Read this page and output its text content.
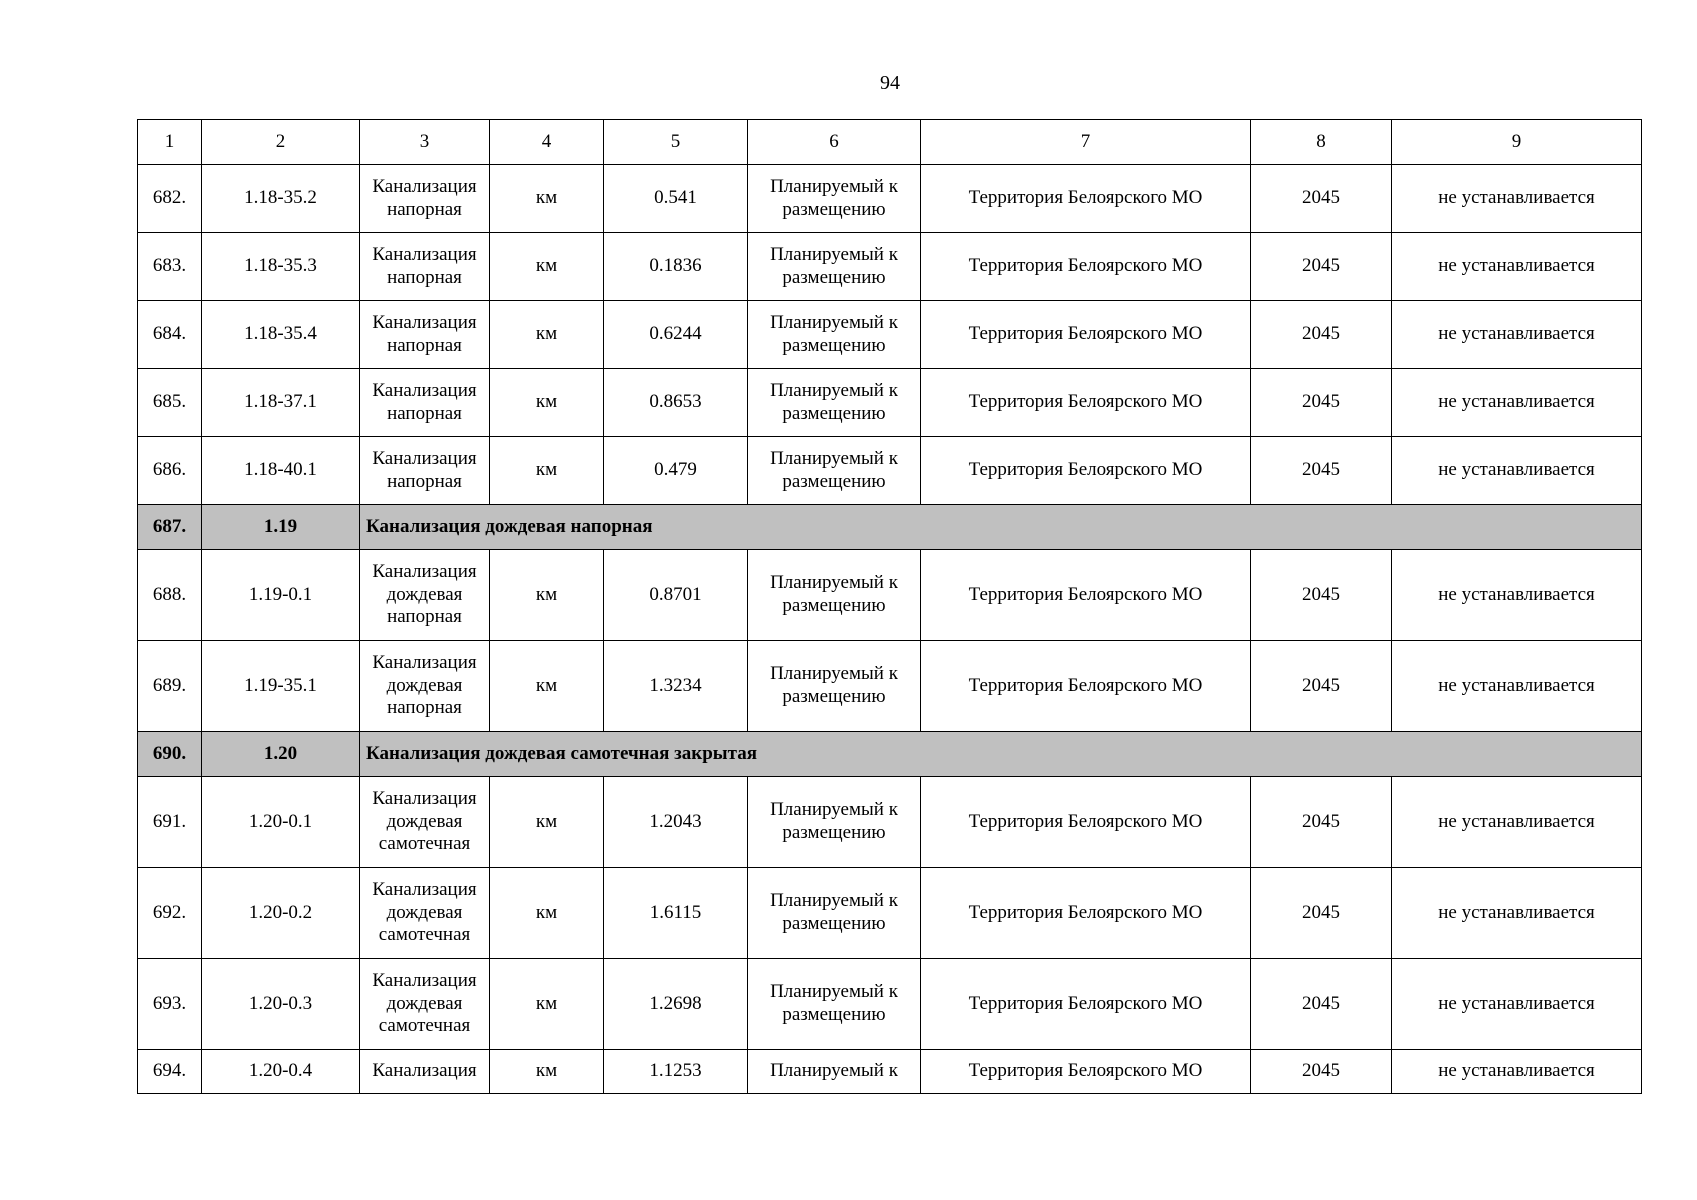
94
1	2	3	4	5	6	7	8	9
682.	1.18-35.2	Канализация напорная	км	0.541	Планируемый к размещению	Территория Белоярского МО	2045	не устанавливается
683.	1.18-35.3	Канализация напорная	км	0.1836	Планируемый к размещению	Территория Белоярского МО	2045	не устанавливается
684.	1.18-35.4	Канализация напорная	км	0.6244	Планируемый к размещению	Территория Белоярского МО	2045	не устанавливается
685.	1.18-37.1	Канализация напорная	км	0.8653	Планируемый к размещению	Территория Белоярского МО	2045	не устанавливается
686.	1.18-40.1	Канализация напорная	км	0.479	Планируемый к размещению	Территория Белоярского МО	2045	не устанавливается
687.	1.19	Канализация дождевая напорная						
688.	1.19-0.1	Канализация дождевая напорная	км	0.8701	Планируемый к размещению	Территория Белоярского МО	2045	не устанавливается
689.	1.19-35.1	Канализация дождевая напорная	км	1.3234	Планируемый к размещению	Территория Белоярского МО	2045	не устанавливается
690.	1.20	Канализация дождевая самотечная закрытая						
691.	1.20-0.1	Канализация дождевая самотечная	км	1.2043	Планируемый к размещению	Территория Белоярского МО	2045	не устанавливается
692.	1.20-0.2	Канализация дождевая самотечная	км	1.6115	Планируемый к размещению	Территория Белоярского МО	2045	не устанавливается
693.	1.20-0.3	Канализация дождевая самотечная	км	1.2698	Планируемый к размещению	Территория Белоярского МО	2045	не устанавливается
694.	1.20-0.4	Канализация	км	1.1253	Планируемый к	Территория Белоярского МО	2045	не устанавливается
